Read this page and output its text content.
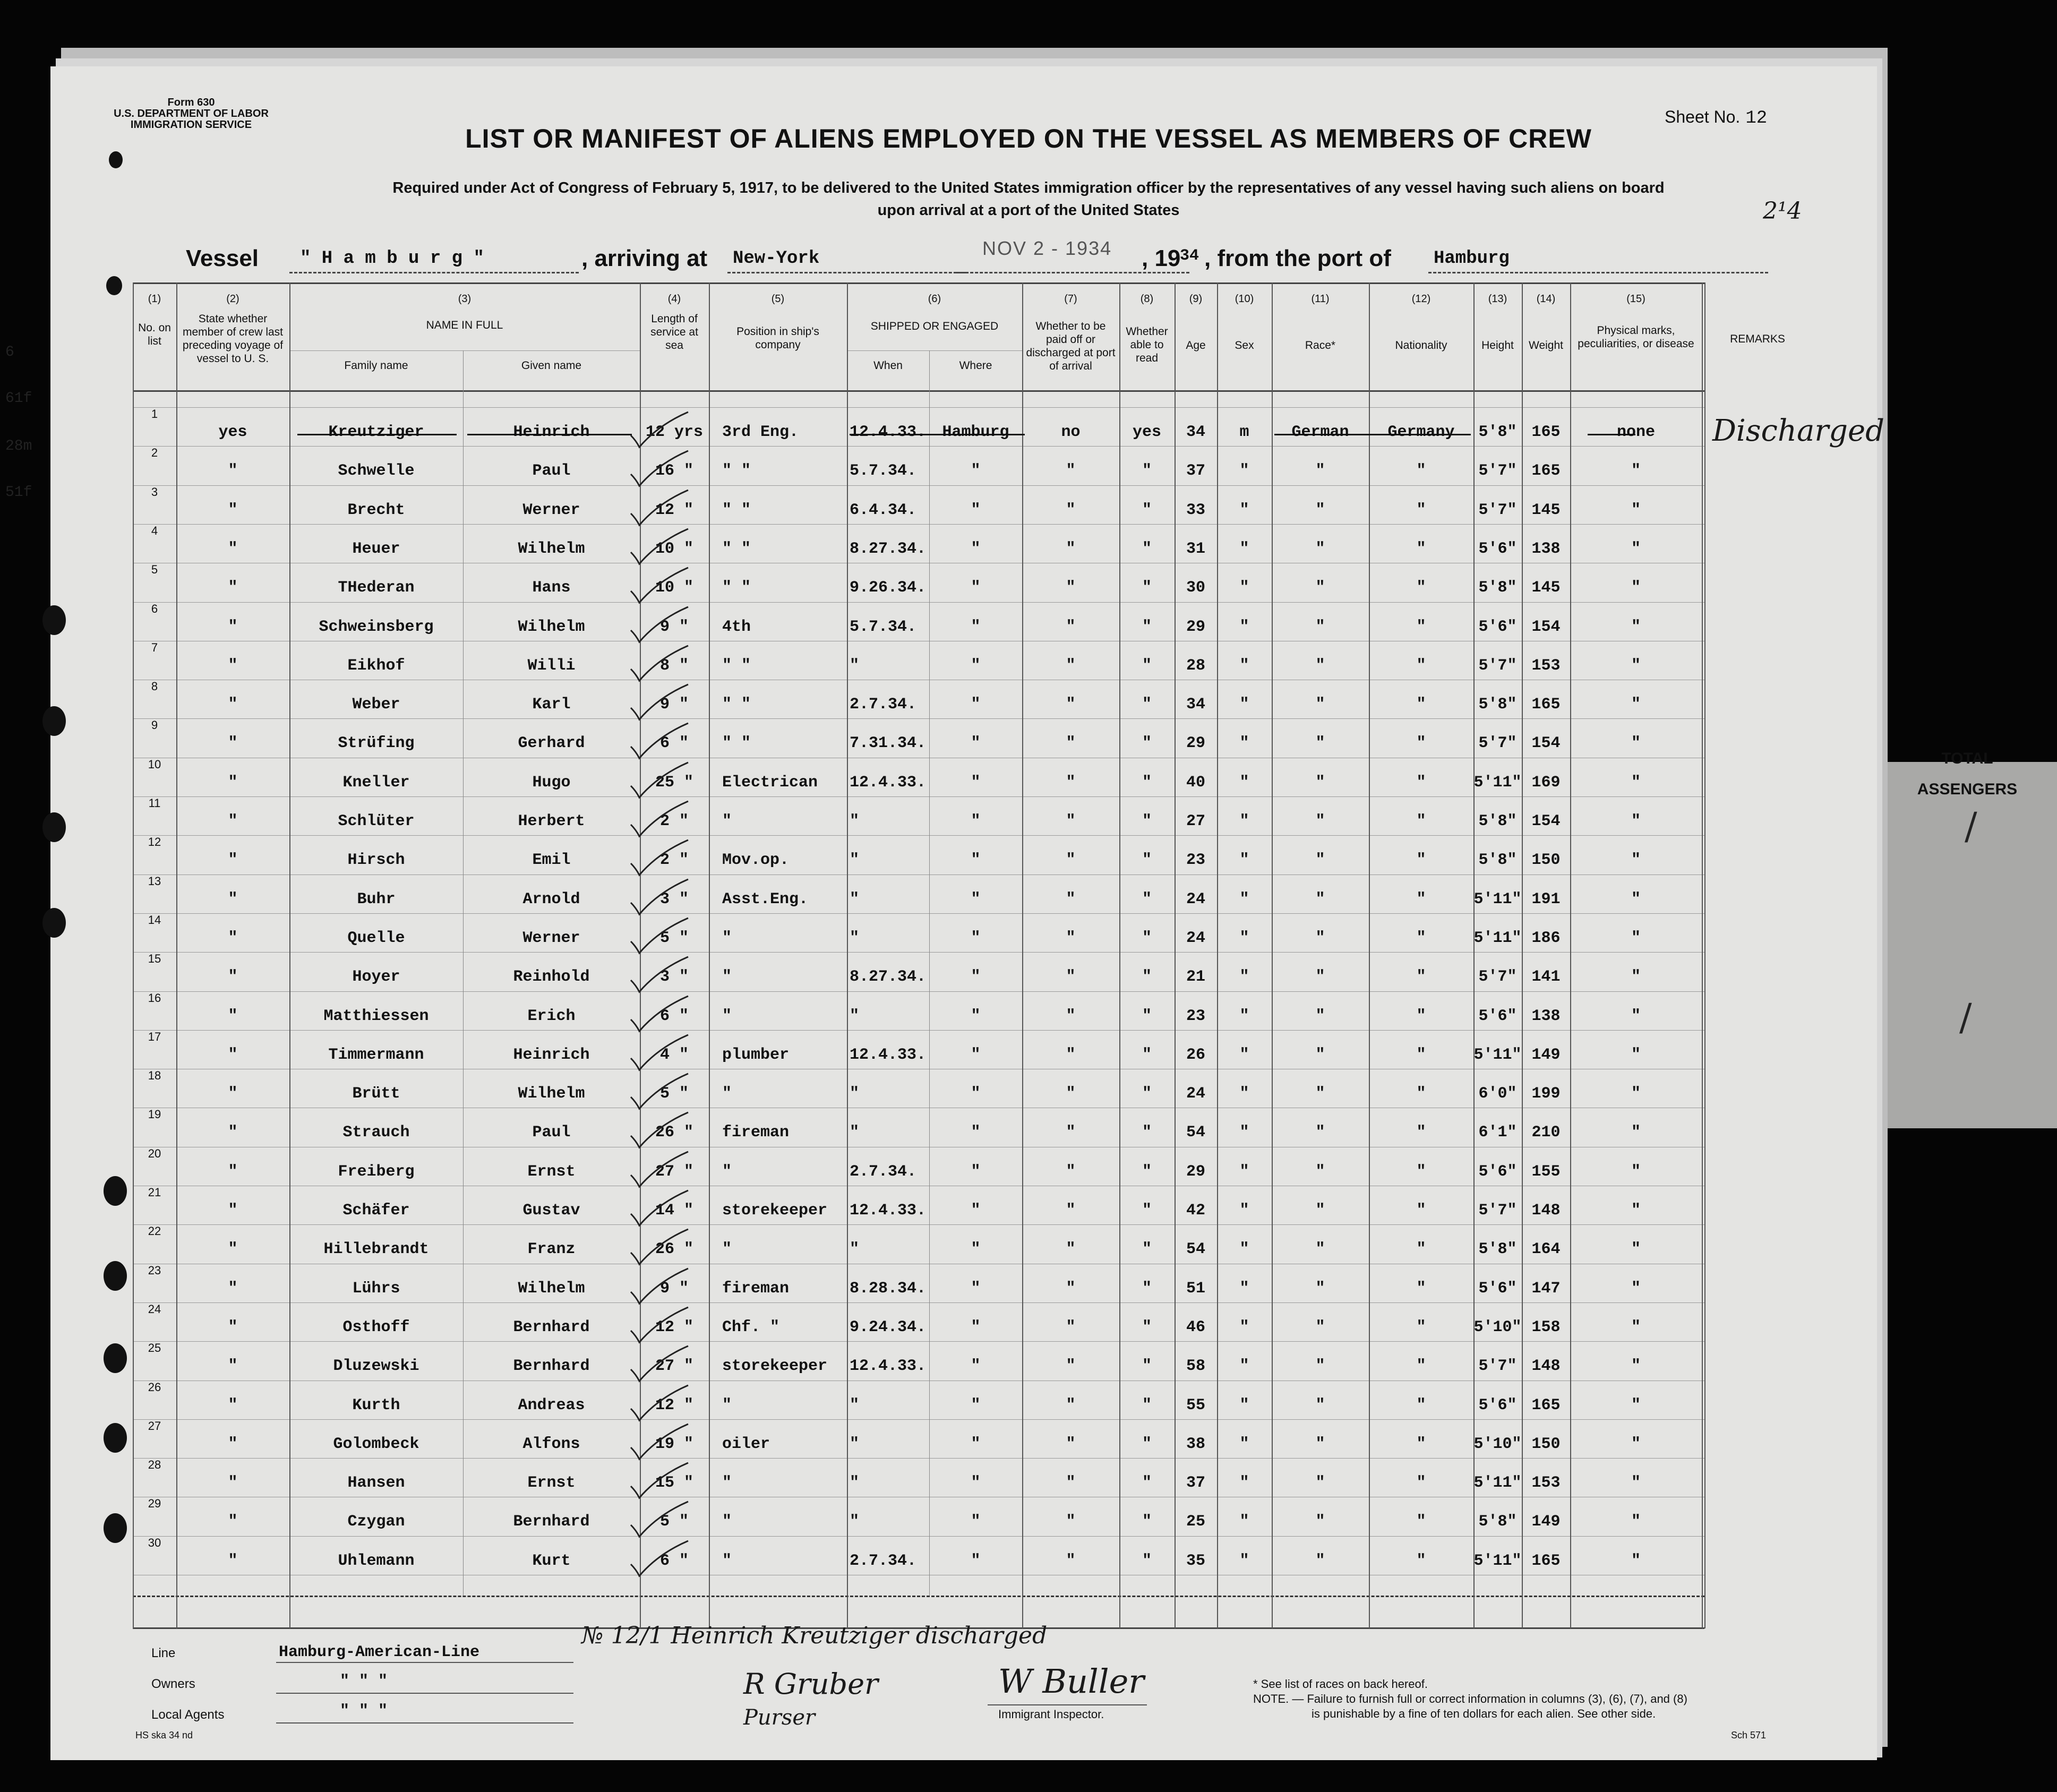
TOTAL
ASSENGERS
/
/
6
61f
28m
51f
Form 630
U.S. DEPARTMENT OF LABOR
IMMIGRATION SERVICE	Sheet No. 12
LIST OR MANIFEST OF ALIENS EMPLOYED ON THE VESSEL AS MEMBERS OF CREW
Required under Act of Congress of February 5, 1917, to be delivered to the United States immigration officer by the representatives of any vessel having such aliens on board
upon arrival at a port of the United States	2¹4
Vessel " H a m b u r g "	, arriving at New-York	NOV 2 - 1934 , 19
34 , from the port of Hamburg
(1)	(2)	(3)	(4)	(5)	(6)	(7)	(8)	(9)	(10)	(11)	(12)	(13)	(14)	(15)
No. on list
State whether member of crew last preceding voyage of vessel to U. S.
NAME IN FULL
Family name	Given name
Length of service at sea
Position in ship's company
SHIPPED OR ENGAGED
When	Where
Whether to be paid off or discharged at port of arrival
Whether able to read
Age	Sex	Race*	Nationality	Height	Weight
Physical marks, peculiarities, or disease	REMARKS
1
yes	Kreutziger	Heinrich	12 yrs	3rd Eng.	12.4.33.	Hamburg	no	yes	34	m	German	Germany	5'8" 165	none	Discharged
2
"	Schwelle	Paul	16 "	" "	5.7.34.	"	"	"	37	"	"	"	5'7" 165	"
3
"	Brecht	Werner	12 "	" "	6.4.34.	"	"	"	33	"	"	"	5'7" 145	"
4
"	Heuer	Wilhelm	10 "	" "	8.27.34.	"	"	"	31	"	"	"	5'6" 138	"
5
"	THederan	Hans	10 "	" "	9.26.34.	"	"	"	30	"	"	"	5'8" 145	"
6
"	Schweinsberg	Wilhelm	9 "	4th	5.7.34.	"	"	"	29	"	"	"	5'6" 154	"
7
"	Eikhof	Willi	8 "	" "	"	"	"	"	28	"	"	"	5'7" 153	"
8
"	Weber	Karl	9 "	" "	2.7.34.	"	"	"	34	"	"	"	5'8" 165	"
9
"	Strüfing	Gerhard	6 "	" "	7.31.34.	"	"	"	29	"	"	"	5'7" 154	"
10
"	Kneller	Hugo	25 "	Electrican	12.4.33.	"	"	"	40	"	"	"	5'11" 169	"
11
"	Schlüter	Herbert	2 "	"	"	"	"	"	27	"	"	"	5'8" 154	"
12
"	Hirsch	Emil	2 "	Mov.op.	"	"	"	"	23	"	"	"	5'8" 150	"
13
"	Buhr	Arnold	3 "	Asst.Eng.	"	"	"	"	24	"	"	"	5'11" 191	"
14
"	Quelle	Werner	5 "	"	"	"	"	"	24	"	"	"	5'11" 186	"
15
"	Hoyer	Reinhold	3 "	"	8.27.34.	"	"	"	21	"	"	"	5'7" 141	"
16
"	Matthiessen	Erich	6 "	"	"	"	"	"	23	"	"	"	5'6" 138	"
17
"	Timmermann	Heinrich	4 "	plumber	12.4.33.	"	"	"	26	"	"	"	5'11" 149	"
18
"	Brütt	Wilhelm	5 "	"	"	"	"	"	24	"	"	"	6'0" 199	"
19
"	Strauch	Paul	26 "	fireman	"	"	"	"	54	"	"	"	6'1" 210	"
20
"	Freiberg	Ernst	27 "	"	2.7.34.	"	"	"	29	"	"	"	5'6" 155	"
21
"	Schäfer	Gustav	14 "	storekeeper	12.4.33.	"	"	"	42	"	"	"	5'7" 148	"
22
"	Hillebrandt	Franz	26 "	"	"	"	"	"	54	"	"	"	5'8" 164	"
23
"	Lührs	Wilhelm	9 "	fireman	8.28.34.	"	"	"	51	"	"	"	5'6" 147	"
24
"	Osthoff	Bernhard	12 "	Chf. "	9.24.34.	"	"	"	46	"	"	"	5'10" 158	"
25
"	Dluzewski	Bernhard	27 "	storekeeper	12.4.33.	"	"	"	58	"	"	"	5'7" 148	"
26
"	Kurth	Andreas	12 "	"	"	"	"	"	55	"	"	"	5'6" 165	"
27
"	Golombeck	Alfons	19 "	oiler	"	"	"	"	38	"	"	"	5'10" 150	"
28
"	Hansen	Ernst	15 "	"	"	"	"	"	37	"	"	"	5'11" 153	"
29
"	Czygan	Bernhard	5 "	"	"	"	"	"	25	"	"	"	5'8" 149	"
30
"	Uhlemann	Kurt	6 "	"	2.7.34.	"	"	"	35	"	"	"	5'11" 165	"
Line	Hamburg-American-Line
Owners	" " "
Local Agents	" " "
№ 12/1 Heinrich Kreutziger discharged
R Gruber
Purser
W Buller
Immigrant Inspector.
* See list of races on back hereof.
NOTE. — Failure to furnish full or correct information in columns (3), (6), (7), and (8)
is punishable by a fine of ten dollars for each alien. See other side.
HS ska 34 nd	Sch 571
